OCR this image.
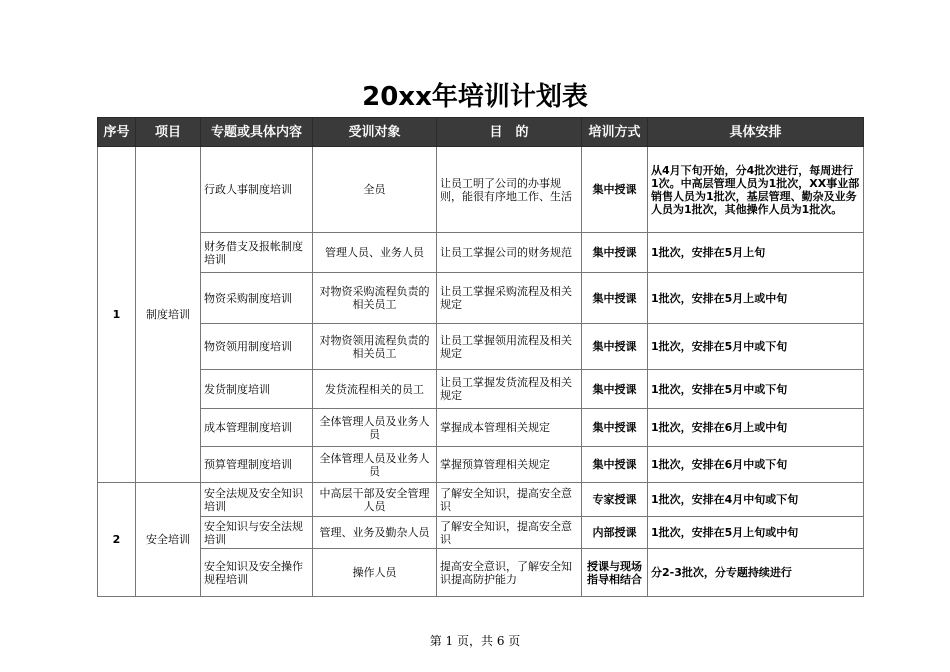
20xx年培训计划表
序号	项目	专题或具体内容	受训对象	目　的	培训方式	具体安排
1	制度培训	行政人事制度培训	全员	让员工明了公司的办事规则，能很有序地工作、生活	集中授课	从4月下旬开始，分4批次进行，每周进行1次。中高层管理人员为1批次，XX事业部销售人员为1批次，基层管理、勤杂及业务人员为1批次，其他操作人员为1批次。
		财务借支及报帐制度培训	管理人员、业务人员	让员工掌握公司的财务规范	集中授课	1批次，安排在5月上旬
		物资采购制度培训	对物资采购流程负责的相关员工	让员工掌握采购流程及相关规定	集中授课	1批次，安排在5月上或中旬
		物资领用制度培训	对物资领用流程负责的相关员工	让员工掌握领用流程及相关规定	集中授课	1批次，安排在5月中或下旬
		发货制度培训	发货流程相关的员工	让员工掌握发货流程及相关规定	集中授课	1批次，安排在5月中或下旬
		成本管理制度培训	全体管理人员及业务人员	掌握成本管理相关规定	集中授课	1批次，安排在6月上或中旬
		预算管理制度培训	全体管理人员及业务人员	掌握预算管理相关规定	集中授课	1批次，安排在6月中或下旬
2	安全培训	安全法规及安全知识培训	中高层干部及安全管理人员	了解安全知识，提高安全意识	专家授课	1批次，安排在4月中旬或下旬
		安全知识与安全法规培训	管理、业务及勤杂人员	了解安全知识，提高安全意识	内部授课	1批次，安排在5月上旬或中旬
		安全知识及安全操作规程培训	操作人员	提高安全意识，了解安全知识提高防护能力	授课与现场指导相结合	分2-3批次，分专题持续进行
第 1 页，共 6 页
